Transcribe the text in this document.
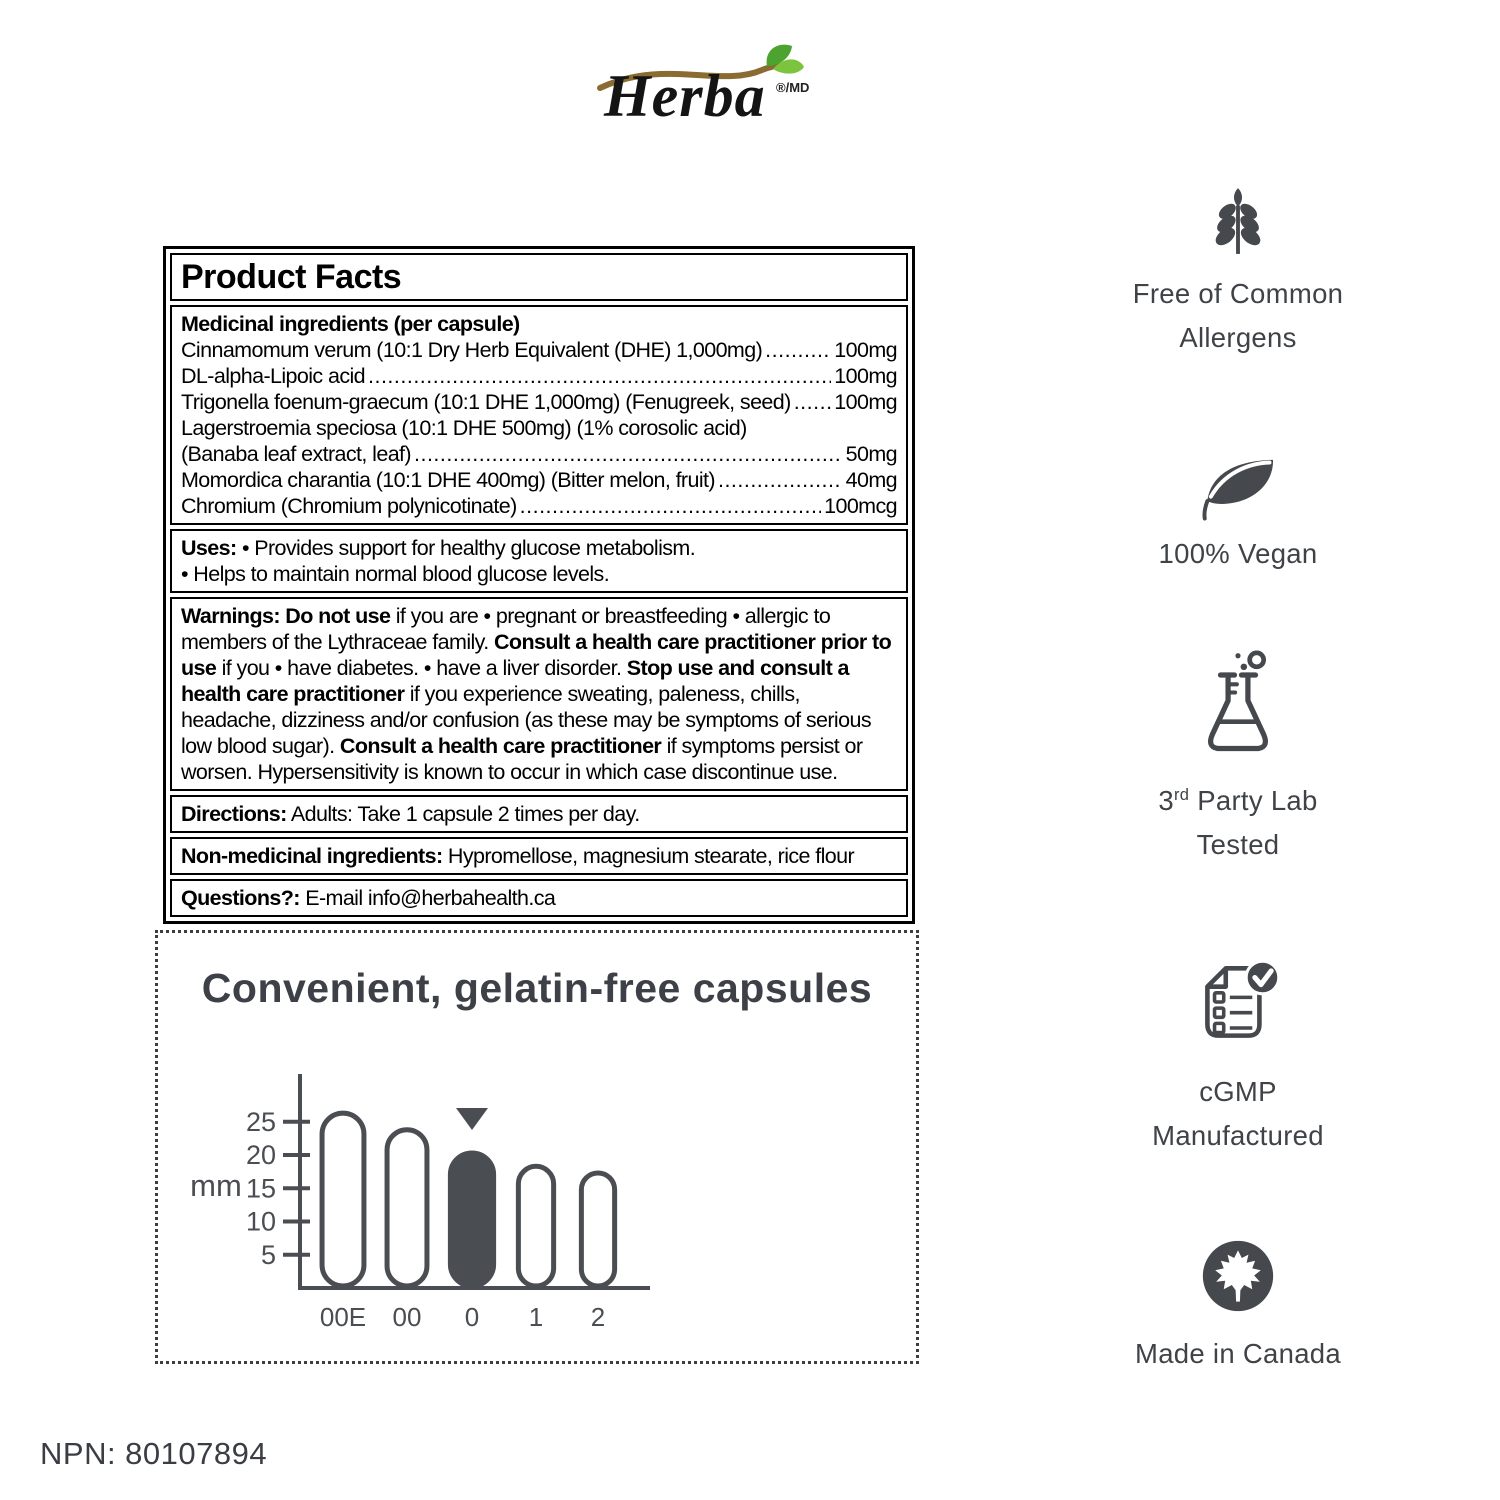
Herba ®/MD
Product Facts
Medicinal ingredients (per capsule)
Cinnamomum verum (10:1 Dry Herb Equivalent (DHE) 1,000mg) .....	100mg
DL-alpha-Lipoic acid .....	100mg
Trigonella foenum-graecum (10:1 DHE 1,000mg) (Fenugreek, seed) ..... 100mg
Lagerstroemia speciosa (10:1 DHE 500mg) (1% corosolic acid)
(Banaba leaf extract, leaf) .....	50mg
Momordica charantia (10:1 DHE 400mg) (Bitter melon, fruit) .....	40mg
Chromium (Chromium polynicotinate) .....	100mcg
Uses: • Provides support for healthy glucose metabolism.
• Helps to maintain normal blood glucose levels.
Warnings: Do not use if you are • pregnant or breastfeeding • allergic to members of the Lythraceae family. Consult a health care practitioner prior to use if you • have diabetes. • have a liver disorder. Stop use and consult a health care practitioner if you experience sweating, paleness, chills, headache, dizziness and/or confusion (as these may be symptoms of serious low blood sugar). Consult a health care practitioner if symptoms persist or worsen. Hypersensitivity is known to occur in which case discontinue use.
Directions: Adults: Take 1 capsule 2 times per day.
Non-medicinal ingredients: Hypromellose, magnesium stearate, rice flour
Questions?: E-mail info@herbahealth.ca
Convenient, gelatin-free capsules
5
10
15
20
25
mm
00E 00 0 1 2
Free of Common
Allergens
100% Vegan
3rd Party Lab
Tested
cGMP
Manufactured
Made in Canada
NPN: 80107894
